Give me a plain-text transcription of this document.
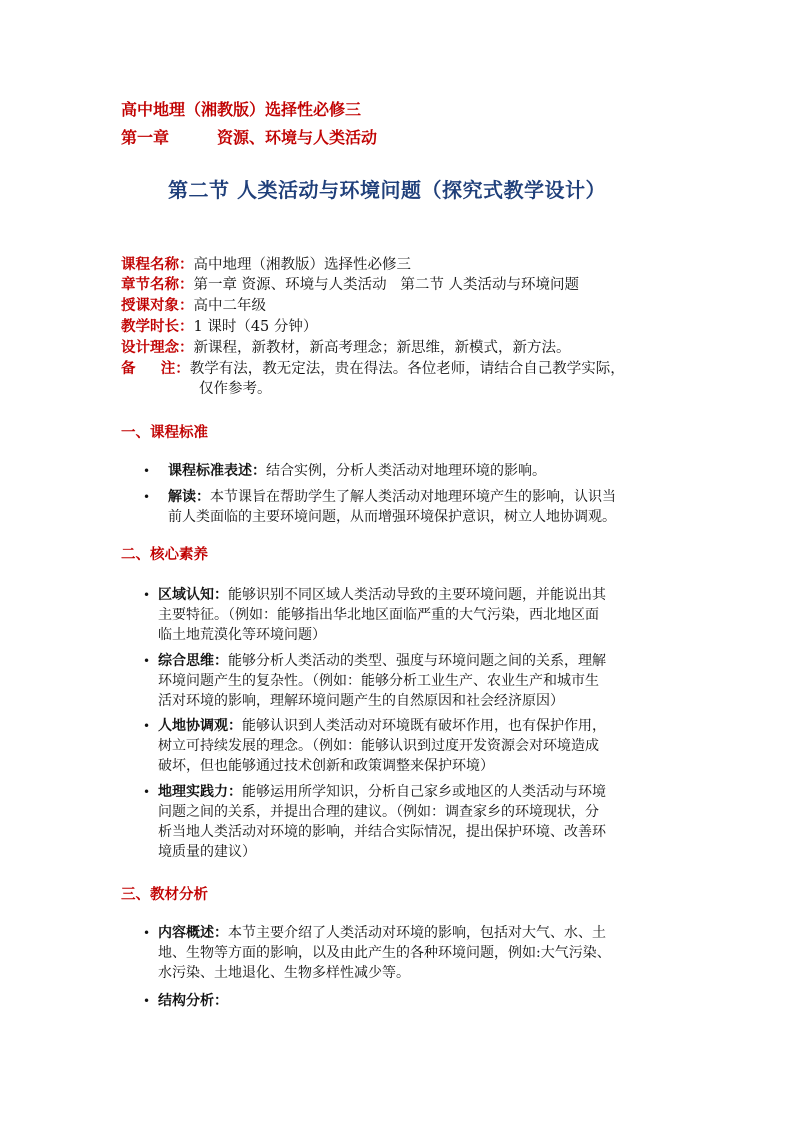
高中地理（湘教版）选择性必修三
第一章	资源、环境与人类活动
第二节 人类活动与环境问题（探究式教学设计）
课程名称：高中地理（湘教版）选择性必修三
章节名称：第一章 资源、环境与人类活动   第二节 人类活动与环境问题
授课对象：高中二年级
教学时长：1 课时（45 分钟）
设计理念：新课程，新教材，新高考理念；新思维，新模式，新方法。
备     注：教学有法，教无定法，贵在得法。各位老师，请结合自己教学实际，
仅作参考。
一、课程标准
• 课程标准表述：结合实例，分析人类活动对地理环境的影响。
• 解读：本节课旨在帮助学生了解人类活动对地理环境产生的影响，认识当
前人类面临的主要环境问题，从而增强环境保护意识，树立人地协调观。
二、核心素养
• 区域认知：能够识别不同区域人类活动导致的主要环境问题，并能说出其
主要特征。（例如：能够指出华北地区面临严重的大气污染，西北地区面
临土地荒漠化等环境问题）
• 综合思维：能够分析人类活动的类型、强度与环境问题之间的关系，理解
环境问题产生的复杂性。（例如：能够分析工业生产、农业生产和城市生
活对环境的影响，理解环境问题产生的自然原因和社会经济原因）
• 人地协调观：能够认识到人类活动对环境既有破坏作用，也有保护作用，
树立可持续发展的理念。（例如：能够认识到过度开发资源会对环境造成
破坏，但也能够通过技术创新和政策调整来保护环境）
• 地理实践力：能够运用所学知识，分析自己家乡或地区的人类活动与环境
问题之间的关系，并提出合理的建议。（例如：调查家乡的环境现状，分
析当地人类活动对环境的影响，并结合实际情况，提出保护环境、改善环
境质量的建议）
三、教材分析
• 内容概述：本节主要介绍了人类活动对环境的影响，包括对大气、水、土
地、生物等方面的影响，以及由此产生的各种环境问题，例如:大气污染、
水污染、土地退化、生物多样性减少等。
• 结构分析：
